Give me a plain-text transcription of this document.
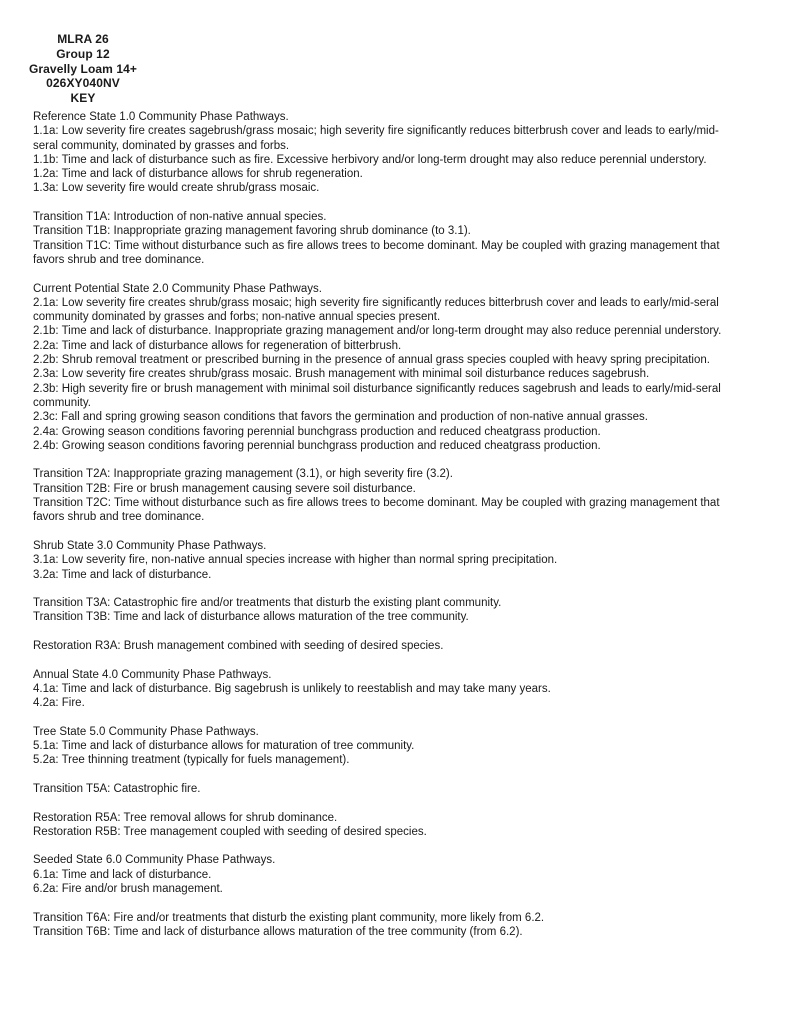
MLRA 26
Group 12
Gravelly Loam 14+
026XY040NV
KEY
Reference State 1.0 Community Phase Pathways.
1.1a: Low severity fire creates sagebrush/grass mosaic; high severity fire significantly reduces bitterbrush cover and leads to early/mid-
seral community, dominated by grasses and forbs.
1.1b: Time and lack of disturbance such as fire. Excessive herbivory and/or long-term drought may also reduce perennial understory.
1.2a: Time and lack of disturbance allows for shrub regeneration.
1.3a: Low severity fire would create shrub/grass mosaic.

Transition T1A: Introduction of non-native annual species.
Transition T1B: Inappropriate grazing management favoring shrub dominance (to 3.1).
Transition T1C: Time without disturbance such as fire allows trees to become dominant. May be coupled with grazing management that
favors shrub and tree dominance.

Current Potential State 2.0 Community Phase Pathways.
2.1a: Low severity fire creates shrub/grass mosaic; high severity fire significantly reduces bitterbrush cover and leads to early/mid-seral
community dominated by grasses and forbs; non-native annual species present.
2.1b: Time and lack of disturbance. Inappropriate grazing management and/or long-term drought may also reduce perennial understory.
2.2a: Time and lack of disturbance allows for regeneration of bitterbrush.
2.2b: Shrub removal treatment or prescribed burning in the presence of annual grass species coupled with heavy spring precipitation.
2.3a: Low severity fire creates shrub/grass mosaic. Brush management with minimal soil disturbance reduces sagebrush.
2.3b: High severity fire or brush management with minimal soil disturbance significantly reduces sagebrush and leads to early/mid-seral
community.
2.3c: Fall and spring growing season conditions that favors the germination and production of non-native annual grasses.
2.4a: Growing season conditions favoring perennial bunchgrass production and reduced cheatgrass production.
2.4b: Growing season conditions favoring perennial bunchgrass production and reduced cheatgrass production.

Transition T2A: Inappropriate grazing management (3.1), or high severity fire (3.2).
Transition T2B: Fire or brush management causing severe soil disturbance.
Transition T2C: Time without disturbance such as fire allows trees to become dominant. May be coupled with grazing management that
favors shrub and tree dominance.

Shrub State 3.0 Community Phase Pathways.
3.1a: Low severity fire, non-native annual species increase with higher than normal spring precipitation.
3.2a: Time and lack of disturbance.

Transition T3A: Catastrophic fire and/or treatments that disturb the existing plant community.
Transition T3B: Time and lack of disturbance allows maturation of the tree community.

Restoration R3A: Brush management combined with seeding of desired species.

Annual State 4.0 Community Phase Pathways.
4.1a: Time and lack of disturbance. Big sagebrush is unlikely to reestablish and may take many years.
4.2a: Fire.

Tree State 5.0 Community Phase Pathways.
5.1a: Time and lack of disturbance allows for maturation of tree community.
5.2a: Tree thinning treatment (typically for fuels management).

Transition T5A: Catastrophic fire.

Restoration R5A: Tree removal allows for shrub dominance.
Restoration R5B: Tree management coupled with seeding of desired species.

Seeded State 6.0 Community Phase Pathways.
6.1a: Time and lack of disturbance.
6.2a: Fire and/or brush management.

Transition T6A: Fire and/or treatments that disturb the existing plant community, more likely from 6.2.
Transition T6B: Time and lack of disturbance allows maturation of the tree community (from 6.2).
